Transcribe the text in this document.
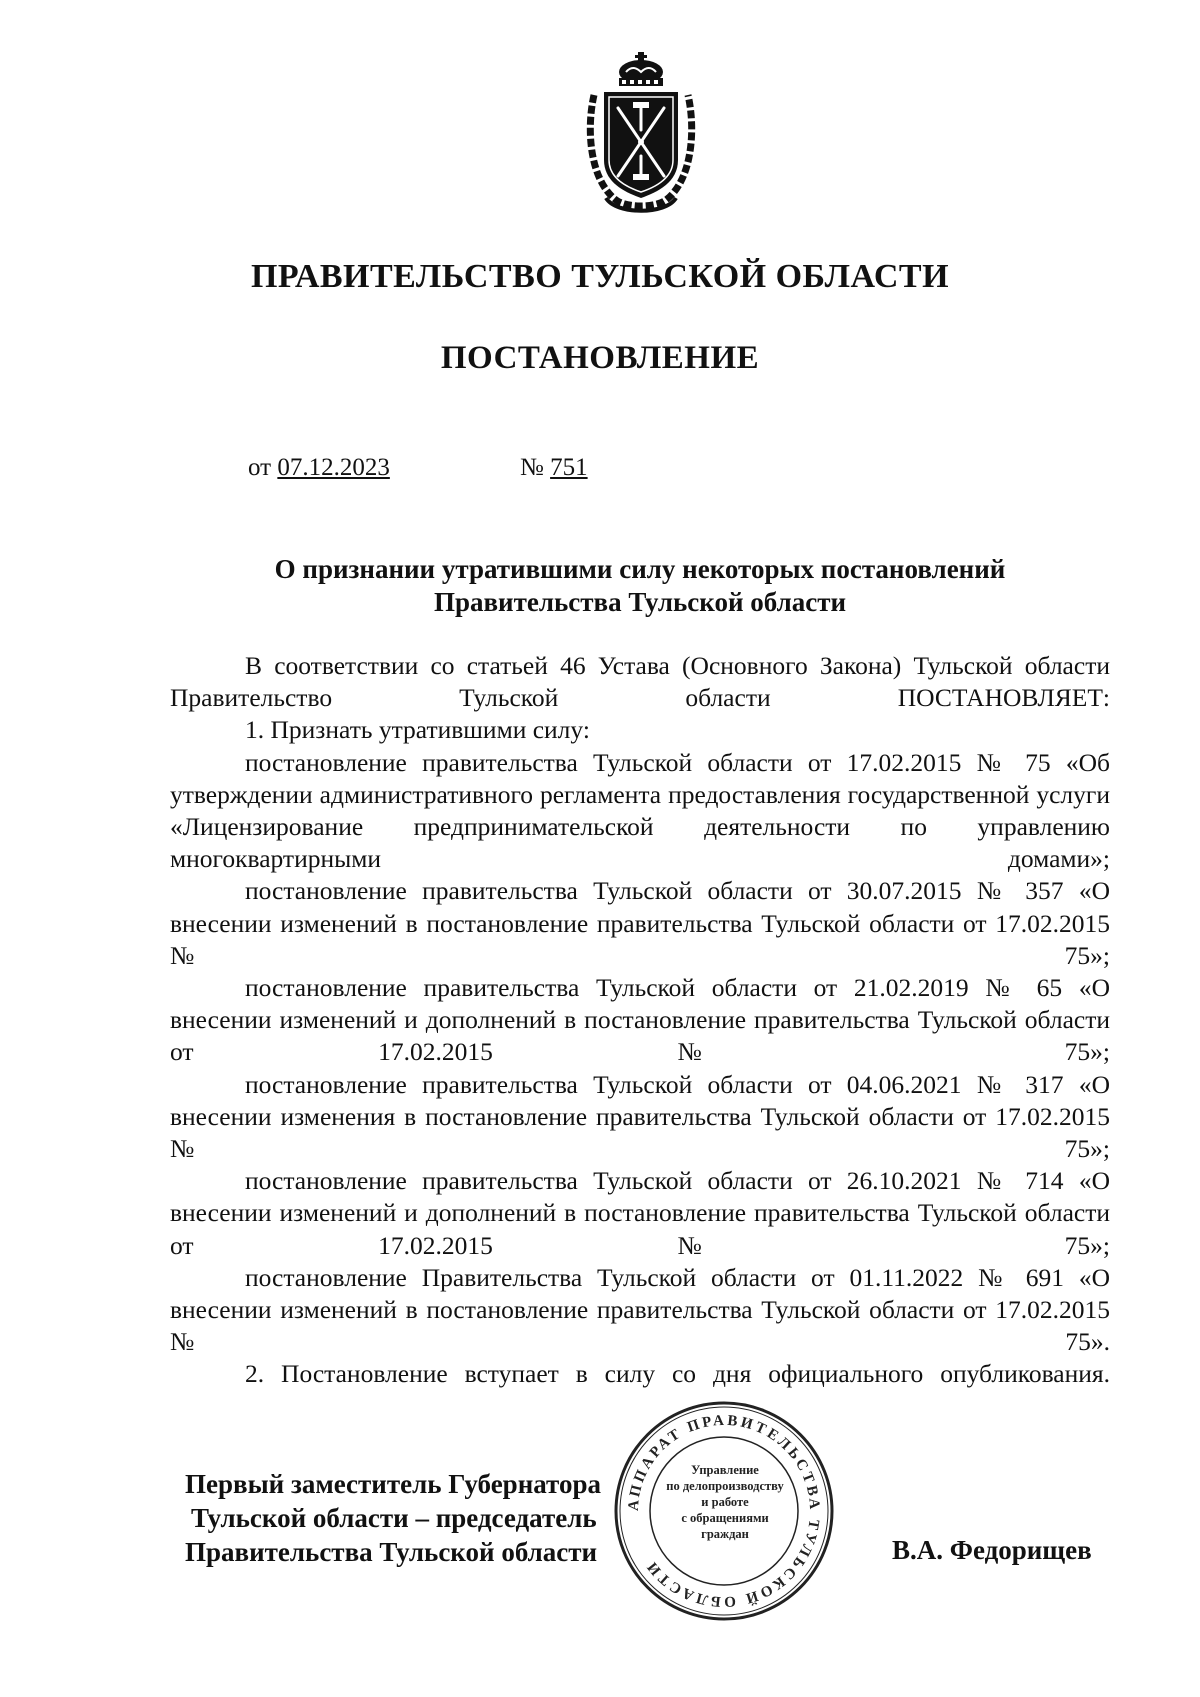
ПРАВИТЕЛЬСТВО ТУЛЬСКОЙ ОБЛАСТИ
ПОСТАНОВЛЕНИЕ
от 07.12.2023	№ 751
О признании утратившими силу некоторых постановлений
Правительства Тульской области

В соответствии со статьей 46 Устава (Основного Закона) Тульской области Правительство Тульской области ПОСТАНОВЛЯЕТ:

1. Признать утратившими силу:

постановление правительства Тульской области от 17.02.2015 № 75 «Об утверждении административного регламента предоставления государственной услуги «Лицензирование предпринимательской деятельности по управлению многоквартирными домами»;

постановление правительства Тульской области от 30.07.2015 № 357 «О внесении изменений в постановление правительства Тульской области от 17.02.2015 № 75»;

постановление правительства Тульской области от 21.02.2019 № 65 «О внесении изменений и дополнений в постановление правительства Тульской области от 17.02.2015 № 75»;

постановление правительства Тульской области от 04.06.2021 № 317 «О внесении изменения в постановление правительства Тульской области от 17.02.2015 № 75»;

постановление правительства Тульской области от 26.10.2021 № 714 «О внесении изменений и дополнений в постановление правительства Тульской области от 17.02.2015 № 75»;

постановление Правительства Тульской области от 01.11.2022 № 691 «О внесении изменений в постановление правительства Тульской области от 17.02.2015 № 75».

2. Постановление вступает в силу со дня официального опубликования.

АППАРАТ ПРАВИТЕЛЬСТВА ТУЛЬСКОЙ ОБЛАСТИ
Управление
по делопроизводству
и работе
с обращениями
граждан
Первый заместитель Губернатора
Тульской области – председатель
Правительства Тульской области	В.А. Федорищев
